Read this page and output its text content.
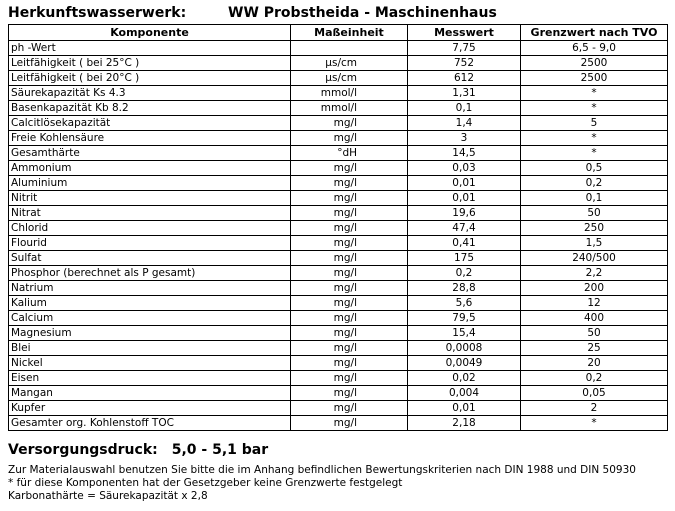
Herkunftswasserwerk:	WW Probstheida - Maschinenhaus
Komponente	Maßeinheit	Messwert	Grenzwert nach TVO
ph -Wert		7,75	6,5 - 9,0
Leitfähigkeit ( bei 25°C )	µs/cm	752	2500
Leitfähigkeit ( bei 20°C )	µs/cm	612	2500
Säurekapazität Ks 4.3	mmol/l	1,31	*
Basenkapazität Kb 8.2	mmol/l	0,1	*
Calcitlösekapazität	mg/l	1,4	5
Freie Kohlensäure	mg/l	3	*
Gesamthärte	°dH	14,5	*
Ammonium	mg/l	0,03	0,5
Aluminium	mg/l	0,01	0,2
Nitrit	mg/l	0,01	0,1
Nitrat	mg/l	19,6	50
Chlorid	mg/l	47,4	250
Flourid	mg/l	0,41	1,5
Sulfat	mg/l	175	240/500
Phosphor (berechnet als P gesamt)	mg/l	0,2	2,2
Natrium	mg/l	28,8	200
Kalium	mg/l	5,6	12
Calcium	mg/l	79,5	400
Magnesium	mg/l	15,4	50
Blei	mg/l	0,0008	25
Nickel	mg/l	0,0049	20
Eisen	mg/l	0,02	0,2
Mangan	mg/l	0,004	0,05
Kupfer	mg/l	0,01	2
Gesamter org. Kohlenstoff TOC	mg/l	2,18	*
Versorgungsdruck: 5,0 - 5,1 bar
Zur Materialauswahl benutzen Sie bitte die im Anhang befindlichen Bewertungskriterien nach DIN 1988 und DIN 50930
* für diese Komponenten hat der Gesetzgeber keine Grenzwerte festgelegt
Karbonathärte = Säurekapazität x 2,8
